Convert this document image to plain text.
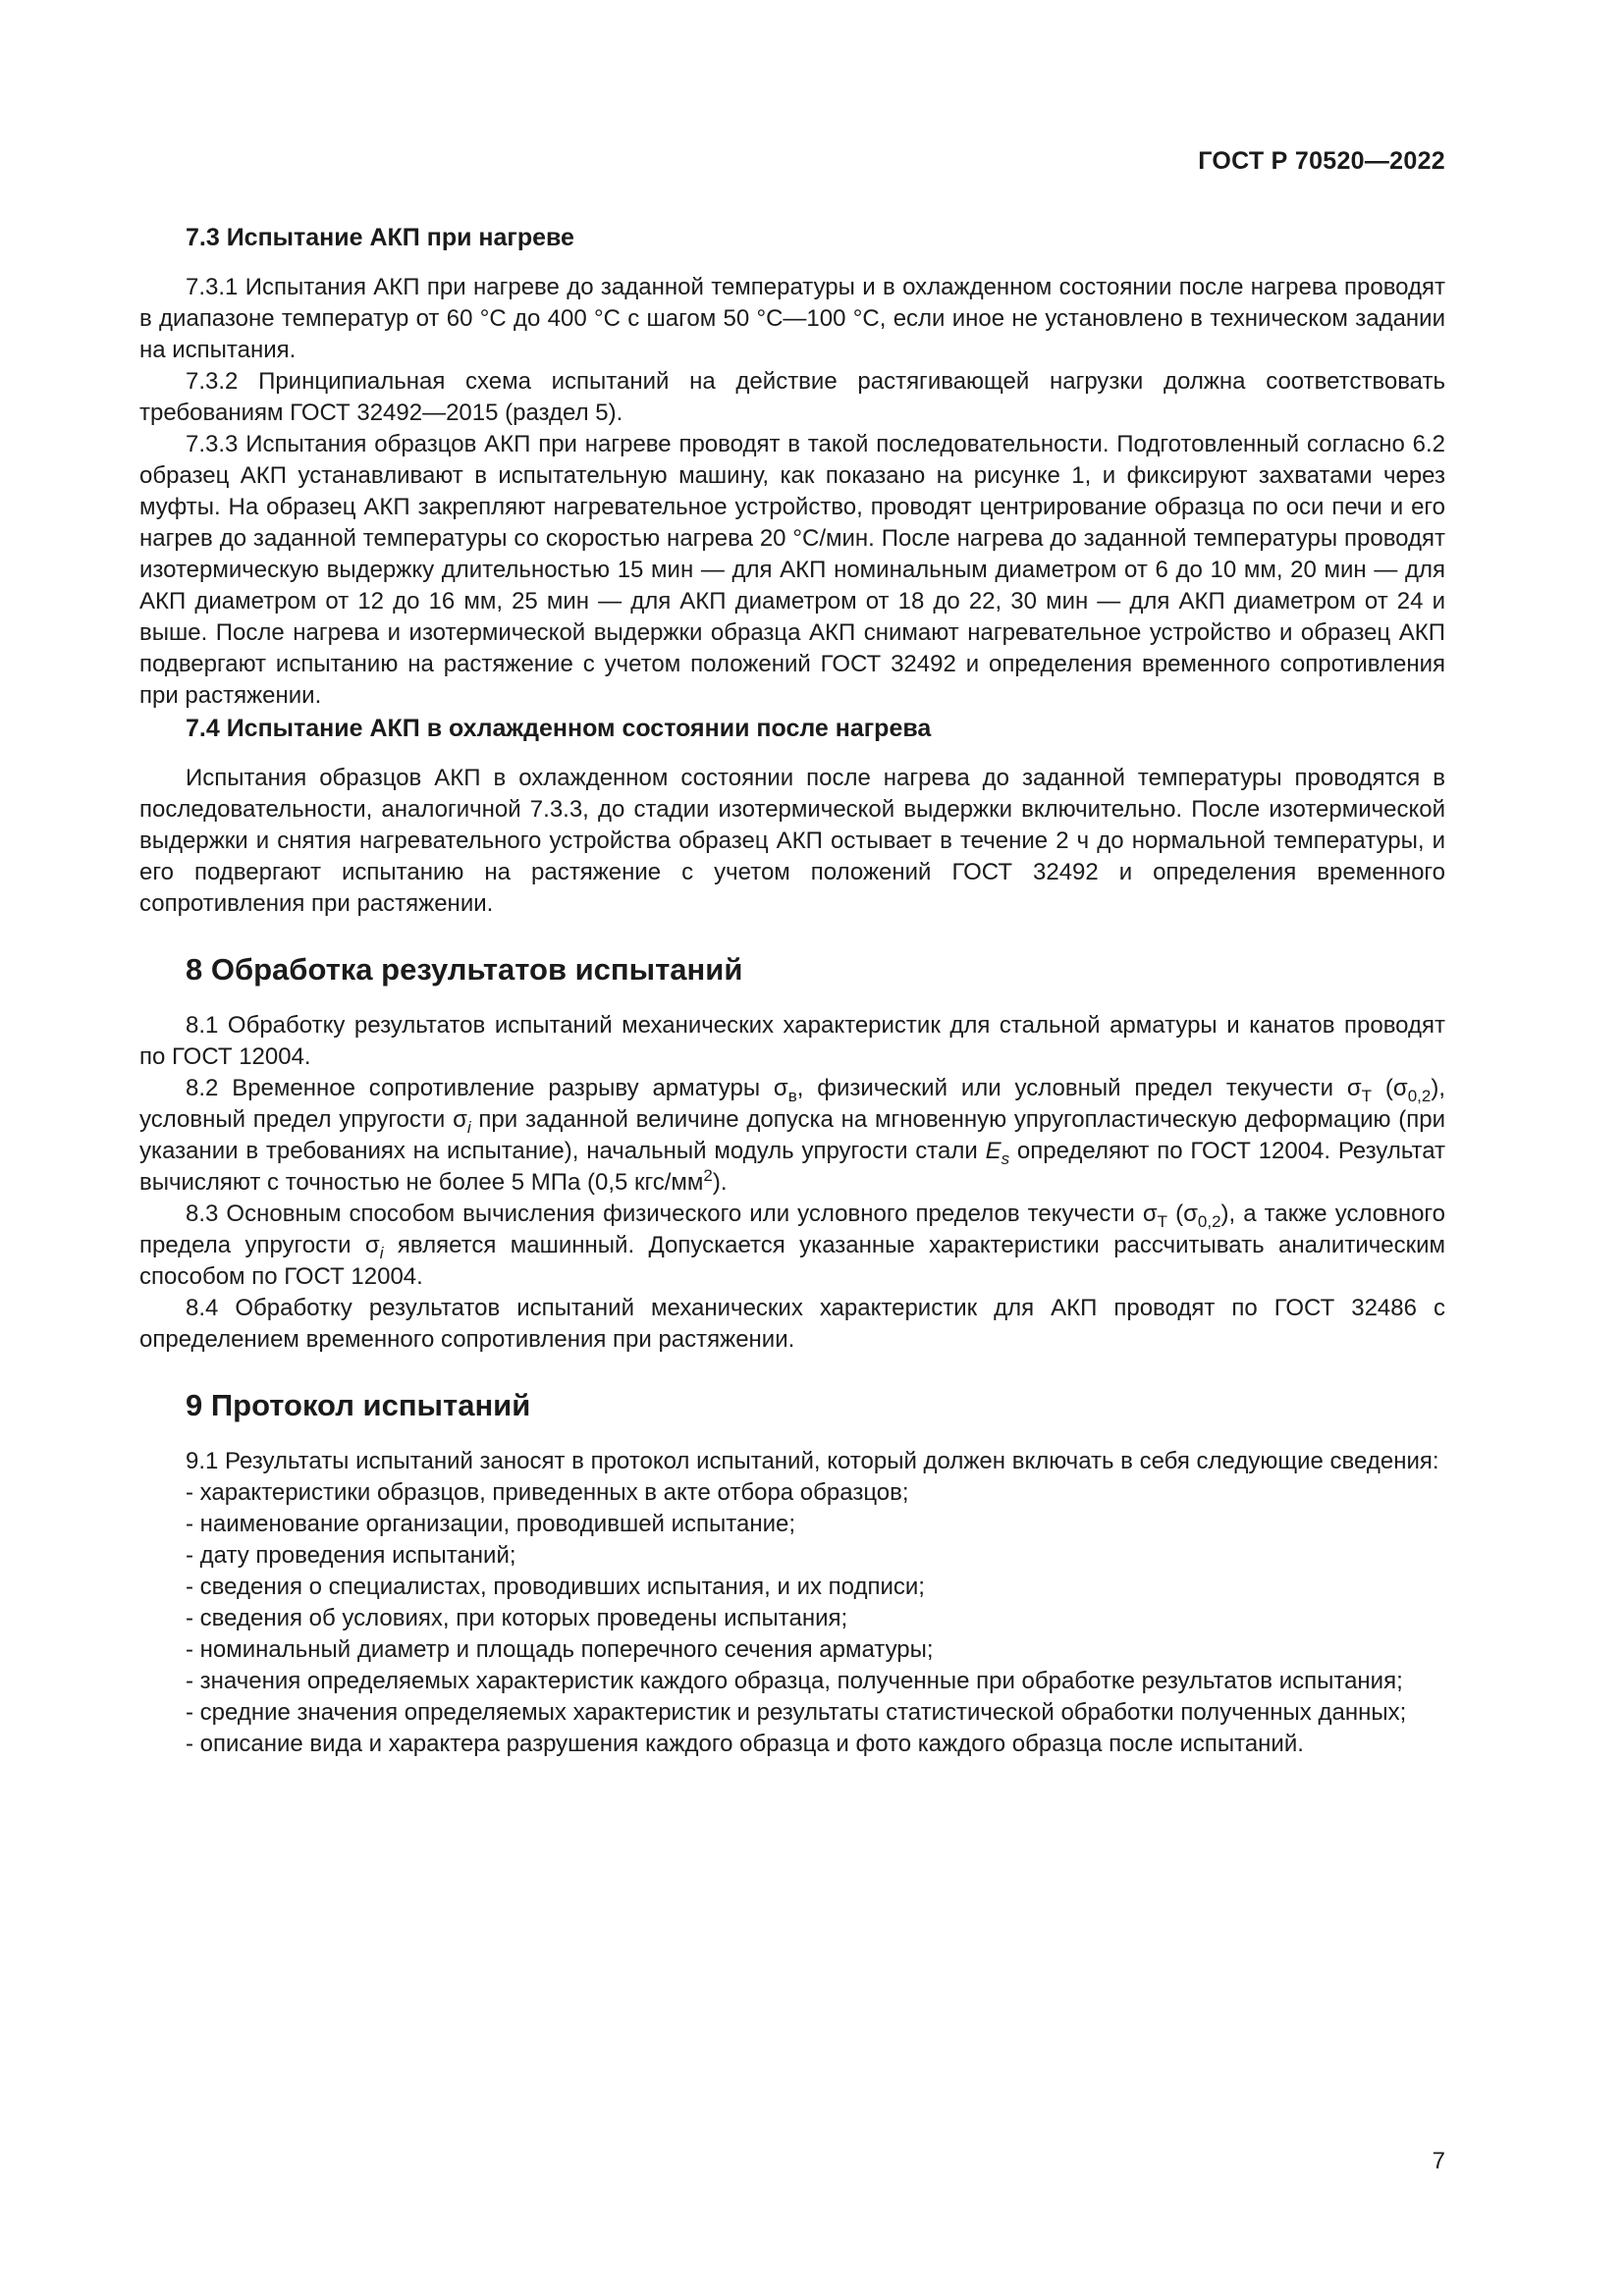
ГОСТ Р 70520—2022
7.3 Испытание АКП при нагреве

7.3.1 Испытания АКП при нагреве до заданной температуры и в охлажденном состоянии после нагрева проводят в диапазоне температур от 60 °С до 400 °С с шагом 50 °С—100 °С, если иное не установлено в техническом задании на испытания.

7.3.2 Принципиальная схема испытаний на действие растягивающей нагрузки должна соответствовать требованиям ГОСТ 32492—2015 (раздел 5).

7.3.3 Испытания образцов АКП при нагреве проводят в такой последовательности. Подготовленный согласно 6.2 образец АКП устанавливают в испытательную машину, как показано на рисунке 1, и фиксируют захватами через муфты. На образец АКП закрепляют нагревательное устройство, проводят центрирование образца по оси печи и его нагрев до заданной температуры со скоростью нагрева 20 °С/мин. После нагрева до заданной температуры проводят изотермическую выдержку длительностью 15 мин — для АКП номинальным диаметром от 6 до 10 мм, 20 мин — для АКП диаметром от 12 до 16 мм, 25 мин — для АКП диаметром от 18 до 22, 30 мин — для АКП диаметром от 24 и выше. После нагрева и изотермической выдержки образца АКП снимают нагревательное устройство и образец АКП подвергают испытанию на растяжение с учетом положений ГОСТ 32492 и определения временного сопротивления при растяжении.

7.4 Испытание АКП в охлажденном состоянии после нагрева

Испытания образцов АКП в охлажденном состоянии после нагрева до заданной температуры проводятся в последовательности, аналогичной 7.3.3, до стадии изотермической выдержки включительно. После изотермической выдержки и снятия нагревательного устройства образец АКП остывает в течение 2 ч до нормальной температуры, и его подвергают испытанию на растяжение с учетом положений ГОСТ 32492 и определения временного сопротивления при растяжении.

8 Обработка результатов испытаний

8.1 Обработку результатов испытаний механических характеристик для стальной арматуры и канатов проводят по ГОСТ 12004.

8.2 Временное сопротивление разрыву арматуры $\sigma_в$, физический или условный предел текучести $\sigma_Т$ $(\sigma_{0,2})$, условный предел упругости $\sigma_i$ при заданной величине допуска на мгновенную упругопластическую деформацию (при указании в требованиях на испытание), начальный модуль упругости стали $E_s$ определяют по ГОСТ 12004. Результат вычисляют с точностью не более 5 МПа (0,5 кгс/$мм^2$).

8.3 Основным способом вычисления физического или условного пределов текучести $\sigma_Т$ $(\sigma_{0,2})$, а также условного предела упругости $\sigma_i$ является машинный. Допускается указанные характеристики рассчитывать аналитическим способом по ГОСТ 12004.

8.4 Обработку результатов испытаний механических характеристик для АКП проводят по ГОСТ 32486 с определением временного сопротивления при растяжении.

9 Протокол испытаний

9.1 Результаты испытаний заносят в протокол испытаний, который должен включать в себя следующие сведения:

- характеристики образцов, приведенных в акте отбора образцов;
- наименование организации, проводившей испытание;
- дату проведения испытаний;
- сведения о специалистах, проводивших испытания, и их подписи;
- сведения об условиях, при которых проведены испытания;
- номинальный диаметр и площадь поперечного сечения арматуры;
- значения определяемых характеристик каждого образца, полученные при обработке результатов испытания;
- средние значения определяемых характеристик и результаты статистической обработки полученных данных;
- описание вида и характера разрушения каждого образца и фото каждого образца после испытаний.
7
